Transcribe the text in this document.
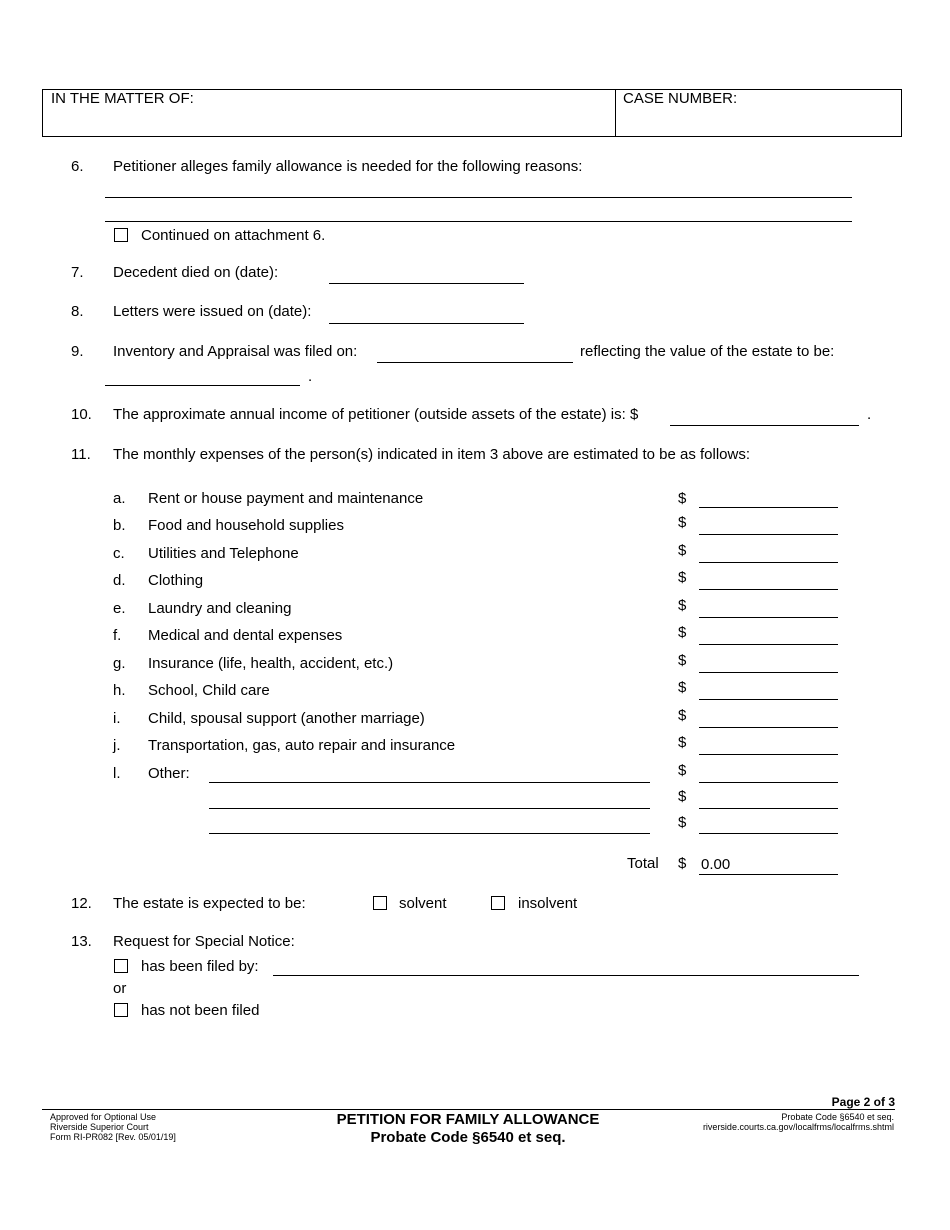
IN THE MATTER OF:	CASE NUMBER:
6. Petitioner alleges family allowance is needed for the following reasons:
Continued on attachment 6.
7. Decedent died on (date):
8. Letters were issued on (date):
9. Inventory and Appraisal was filed on:	reflecting the value of the estate to be:
.
10. The approximate annual income of petitioner (outside assets of the estate) is: $	.
11. The monthly expenses of the person(s) indicated in item 3 above are estimated to be as follows:
a. Rent or house payment and maintenance	$
b. Food and household supplies	$
c. Utilities and Telephone	$
d. Clothing	$
e. Laundry and cleaning	$
f. Medical and dental expenses	$
g. Insurance (life, health, accident, etc.)	$
h. School, Child care	$
i. Child, spousal support (another marriage)	$
j. Transportation, gas, auto repair and insurance	$
l. Other:	$
$
$
Total $ 0.00
12. The estate is expected to be:	solvent	insolvent
13. Request for Special Notice:
has been filed by:
or
has not been filed
Page 2 of 3
Approved for Optional Use
Riverside Superior Court
Form RI-PR082 [Rev. 05/01/19]
PETITION FOR FAMILY ALLOWANCE
Probate Code §6540 et seq.
Probate Code §6540 et seq.
riverside.courts.ca.gov/localfrms/localfrms.shtml
